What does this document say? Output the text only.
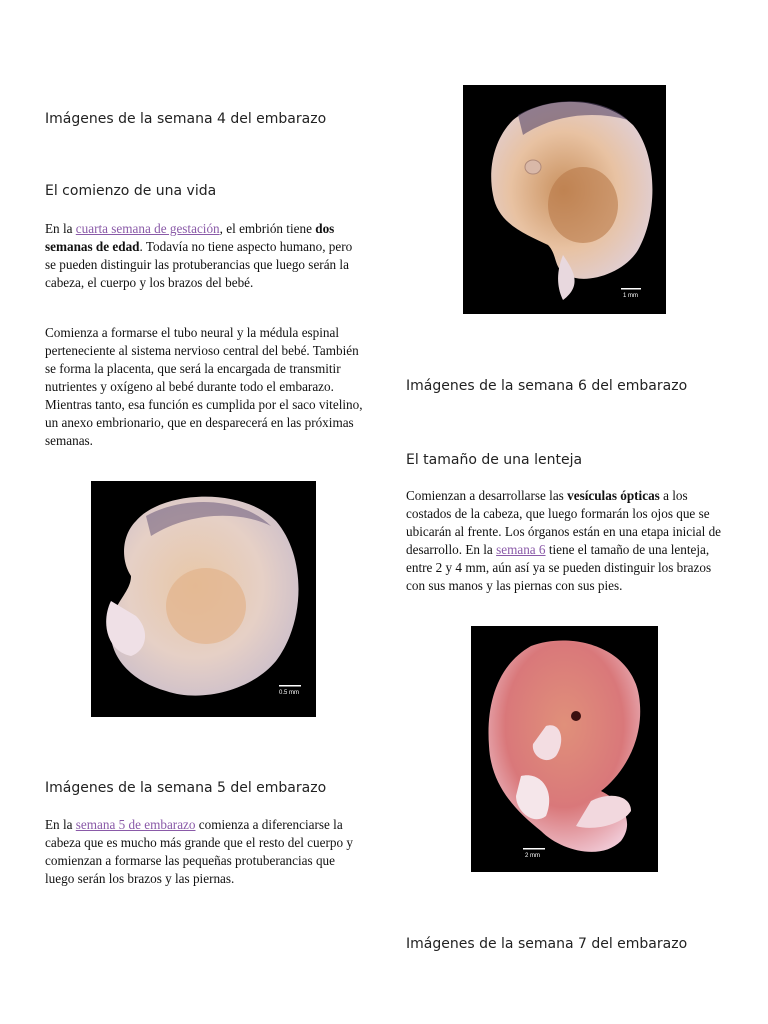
Imágenes de la semana 4 del embarazo
El comienzo de una vida

En la cuarta semana de gestación, el embrión tiene dos semanas de edad. Todavía no tiene aspecto humano, pero se pueden distinguir las protuberancias que luego serán la cabeza, el cuerpo y los brazos del bebé.

Comienza a formarse el tubo neural y la médula espinal perteneciente al sistema nervioso central del bebé. También se forma la placenta, que será la encargada de transmitir nutrientes y oxígeno al bebé durante todo el embarazo. Mientras tanto, esa función es cumplida por el saco vitelino, un anexo embrionario, que en desparecerá en las próximas semanas.

0.5 mm
Imágenes de la semana 5 del embarazo

En la semana 5 de embarazo comienza a diferenciarse la cabeza que es mucho más grande que el resto del cuerpo y comienzan a formarse las pequeñas protuberancias que luego serán los brazos y las piernas.

1 mm
Imágenes de la semana 6 del embarazo
El tamaño de una lenteja

Comienzan a desarrollarse las vesículas ópticas a los costados de la cabeza, que luego formarán los ojos que se ubicarán al frente. Los órganos están en una etapa inicial de desarrollo. En la semana 6 tiene el tamaño de una lenteja, entre 2 y 4 mm, aún así ya se pueden distinguir los brazos con sus manos y las piernas con sus pies.

2 mm
Imágenes de la semana 7 del embarazo
